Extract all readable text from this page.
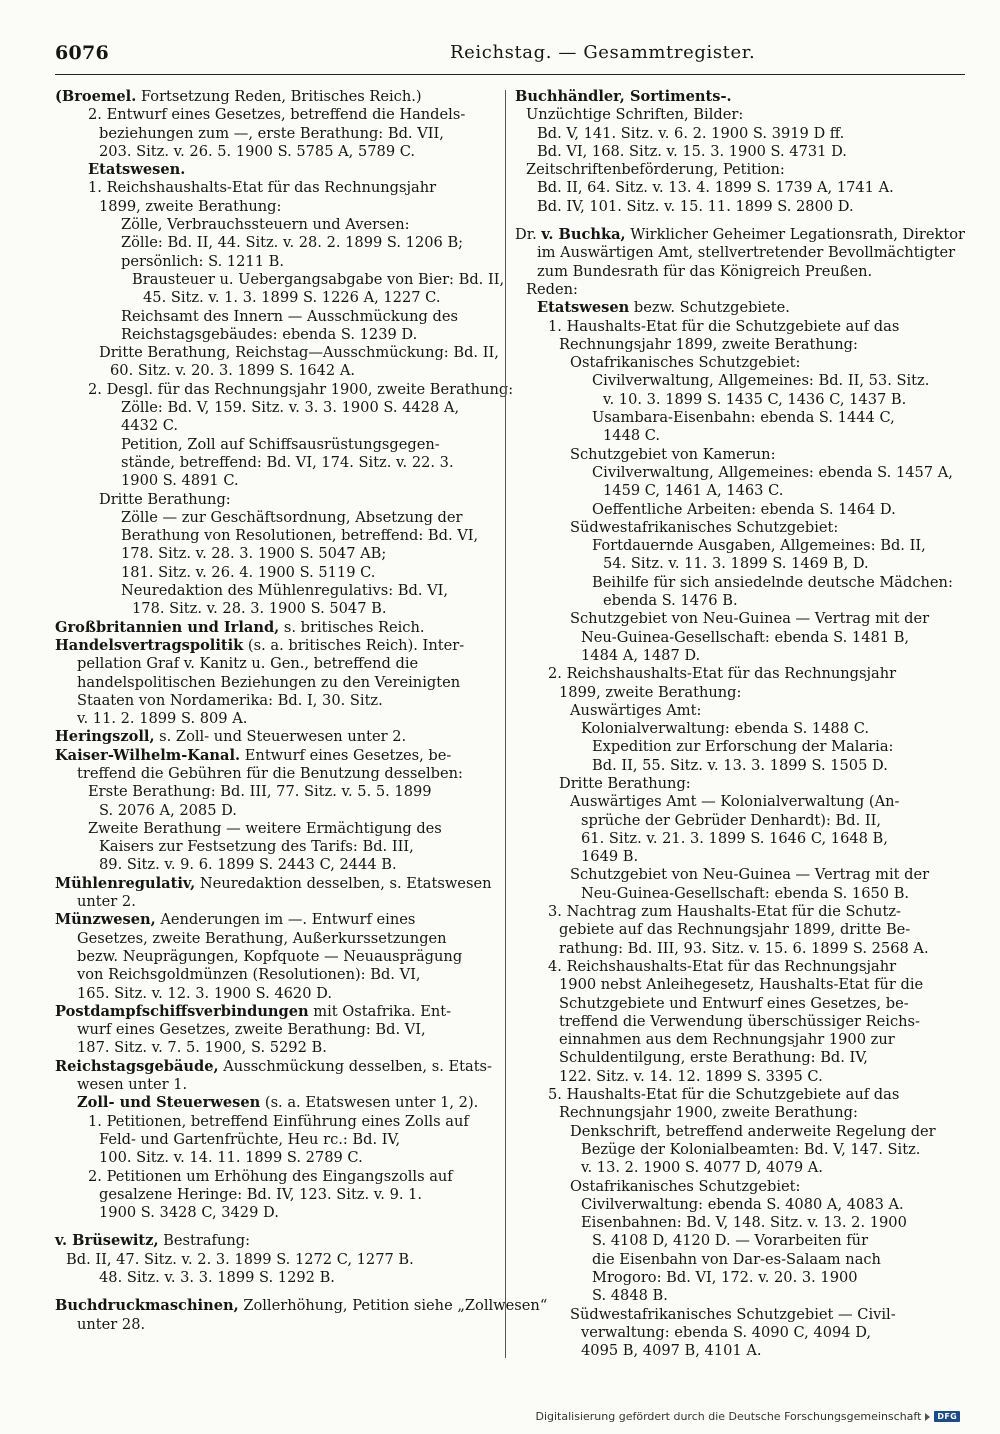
6076	Reichstag. — Gesammtregister.
(Broemel. Fortsetzung Reden, Britisches Reich.)
2. Entwurf eines Gesetzes, betreffend die Handels-
beziehungen zum —, erste Berathung: Bd. VII,
203. Sitz. v. 26. 5. 1900 S. 5785 A, 5789 C.
Etatswesen.
1. Reichshaushalts-Etat für das Rechnungsjahr
1899, zweite Berathung:
Zölle, Verbrauchssteuern und Aversen:
Zölle: Bd. II, 44. Sitz. v. 28. 2. 1899 S. 1206 B;
persönlich: S. 1211 B.
Brausteuer u. Uebergangsabgabe von Bier: Bd. II,
45. Sitz. v. 1. 3. 1899 S. 1226 A, 1227 C.
Reichsamt des Innern — Ausschmückung des
Reichstagsgebäudes: ebenda S. 1239 D.
Dritte Berathung, Reichstag—Ausschmückung: Bd. II,
60. Sitz. v. 20. 3. 1899 S. 1642 A.
2. Desgl. für das Rechnungsjahr 1900, zweite Berathung:
Zölle: Bd. V, 159. Sitz. v. 3. 3. 1900 S. 4428 A,
4432 C.
Petition, Zoll auf Schiffsausrüstungsgegen-
stände, betreffend: Bd. VI, 174. Sitz. v. 22. 3.
1900 S. 4891 C.
Dritte Berathung:
Zölle — zur Geschäftsordnung, Absetzung der
Berathung von Resolutionen, betreffend: Bd. VI,
178. Sitz. v. 28. 3. 1900 S. 5047 AB;
181. Sitz. v. 26. 4. 1900 S. 5119 C.
Neuredaktion des Mühlenregulativs: Bd. VI,
178. Sitz. v. 28. 3. 1900 S. 5047 B.
Großbritannien und Irland, s. britisches Reich.
Handelsvertragspolitik (s. a. britisches Reich). Inter-
pellation Graf v. Kanitz u. Gen., betreffend die
handelspolitischen Beziehungen zu den Vereinigten
Staaten von Nordamerika: Bd. I, 30. Sitz.
v. 11. 2. 1899 S. 809 A.
Heringszoll, s. Zoll- und Steuerwesen unter 2.
Kaiser-Wilhelm-Kanal. Entwurf eines Gesetzes, be-
treffend die Gebühren für die Benutzung desselben:
Erste Berathung: Bd. III, 77. Sitz. v. 5. 5. 1899
S. 2076 A, 2085 D.
Zweite Berathung — weitere Ermächtigung des
Kaisers zur Festsetzung des Tarifs: Bd. III,
89. Sitz. v. 9. 6. 1899 S. 2443 C, 2444 B.
Mühlenregulativ, Neuredaktion desselben, s. Etatswesen
unter 2.
Münzwesen, Aenderungen im —. Entwurf eines
Gesetzes, zweite Berathung, Außerkurssetzungen
bezw. Neuprägungen, Kopfquote — Neuausprägung
von Reichsgoldmünzen (Resolutionen): Bd. VI,
165. Sitz. v. 12. 3. 1900 S. 4620 D.
Postdampfschiffsverbindungen mit Ostafrika. Ent-
wurf eines Gesetzes, zweite Berathung: Bd. VI,
187. Sitz. v. 7. 5. 1900, S. 5292 B.
Reichstagsgebäude, Ausschmückung desselben, s. Etats-
wesen unter 1.
Zoll- und Steuerwesen (s. a. Etatswesen unter 1, 2).
1. Petitionen, betreffend Einführung eines Zolls auf
Feld- und Gartenfrüchte, Heu rc.: Bd. IV,
100. Sitz. v. 14. 11. 1899 S. 2789 C.
2. Petitionen um Erhöhung des Eingangszolls auf
gesalzene Heringe: Bd. IV, 123. Sitz. v. 9. 1.
1900 S. 3428 C, 3429 D.
v. Brüsewitz, Bestrafung:
Bd. II, 47. Sitz. v. 2. 3. 1899 S. 1272 C, 1277 B.
48. Sitz. v. 3. 3. 1899 S. 1292 B.
Buchdruckmaschinen, Zollerhöhung, Petition siehe „Zollwesen“
unter 28.
Buchhändler, Sortiments-.
Unzüchtige Schriften, Bilder:
Bd. V, 141. Sitz. v. 6. 2. 1900 S. 3919 D ff.
Bd. VI, 168. Sitz. v. 15. 3. 1900 S. 4731 D.
Zeitschriftenbeförderung, Petition:
Bd. II, 64. Sitz. v. 13. 4. 1899 S. 1739 A, 1741 A.
Bd. IV, 101. Sitz. v. 15. 11. 1899 S. 2800 D.
Dr. v. Buchka, Wirklicher Geheimer Legationsrath, Direktor
im Auswärtigen Amt, stellvertretender Bevollmächtigter
zum Bundesrath für das Königreich Preußen.
Reden:
Etatswesen bezw. Schutzgebiete.
1. Haushalts-Etat für die Schutzgebiete auf das
Rechnungsjahr 1899, zweite Berathung:
Ostafrikanisches Schutzgebiet:
Civilverwaltung, Allgemeines: Bd. II, 53. Sitz.
v. 10. 3. 1899 S. 1435 C, 1436 C, 1437 B.
Usambara-Eisenbahn: ebenda S. 1444 C,
1448 C.
Schutzgebiet von Kamerun:
Civilverwaltung, Allgemeines: ebenda S. 1457 A,
1459 C, 1461 A, 1463 C.
Oeffentliche Arbeiten: ebenda S. 1464 D.
Südwestafrikanisches Schutzgebiet:
Fortdauernde Ausgaben, Allgemeines: Bd. II,
54. Sitz. v. 11. 3. 1899 S. 1469 B, D.
Beihilfe für sich ansiedelnde deutsche Mädchen:
ebenda S. 1476 B.
Schutzgebiet von Neu-Guinea — Vertrag mit der
Neu-Guinea-Gesellschaft: ebenda S. 1481 B,
1484 A, 1487 D.
2. Reichshaushalts-Etat für das Rechnungsjahr
1899, zweite Berathung:
Auswärtiges Amt:
Kolonialverwaltung: ebenda S. 1488 C.
Expedition zur Erforschung der Malaria:
Bd. II, 55. Sitz. v. 13. 3. 1899 S. 1505 D.
Dritte Berathung:
Auswärtiges Amt — Kolonialverwaltung (An-
sprüche der Gebrüder Denhardt): Bd. II,
61. Sitz. v. 21. 3. 1899 S. 1646 C, 1648 B,
1649 B.
Schutzgebiet von Neu-Guinea — Vertrag mit der
Neu-Guinea-Gesellschaft: ebenda S. 1650 B.
3. Nachtrag zum Haushalts-Etat für die Schutz-
gebiete auf das Rechnungsjahr 1899, dritte Be-
rathung: Bd. III, 93. Sitz. v. 15. 6. 1899 S. 2568 A.
4. Reichshaushalts-Etat für das Rechnungsjahr
1900 nebst Anleihegesetz, Haushalts-Etat für die
Schutzgebiete und Entwurf eines Gesetzes, be-
treffend die Verwendung überschüssiger Reichs-
einnahmen aus dem Rechnungsjahr 1900 zur
Schuldentilgung, erste Berathung: Bd. IV,
122. Sitz. v. 14. 12. 1899 S. 3395 C.
5. Haushalts-Etat für die Schutzgebiete auf das
Rechnungsjahr 1900, zweite Berathung:
Denkschrift, betreffend anderweite Regelung der
Bezüge der Kolonialbeamten: Bd. V, 147. Sitz.
v. 13. 2. 1900 S. 4077 D, 4079 A.
Ostafrikanisches Schutzgebiet:
Civilverwaltung: ebenda S. 4080 A, 4083 A.
Eisenbahnen: Bd. V, 148. Sitz. v. 13. 2. 1900
S. 4108 D, 4120 D. — Vorarbeiten für
die Eisenbahn von Dar-es-Salaam nach
Mrogoro: Bd. VI, 172. v. 20. 3. 1900
S. 4848 B.
Südwestafrikanisches Schutzgebiet — Civil-
verwaltung: ebenda S. 4090 C, 4094 D,
4095 B, 4097 B, 4101 A.
Digitalisierung gefördert durch die Deutsche Forschungsgemeinschaft	DFG
